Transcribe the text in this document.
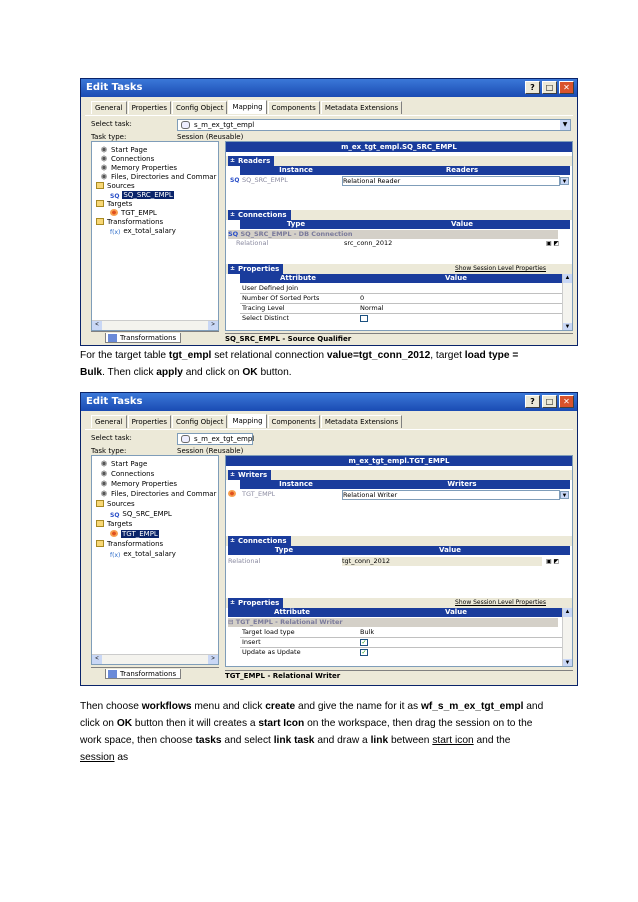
Edit Tasks	?	□	✕
General	Properties	Config Object	Mapping	Components	Metadata Extensions
Select task:	s_m_ex_tgt_empl	▼
Task type:	Session (Reusable)
Start Page
Connections
Memory Properties
Files, Directories and Commar
Sources
SQ SQ_SRC_EMPL
Targets
TGT_EMPL
Transformations
f(x) ex_total_salary
<	>
Transformations
m_ex_tgt_empl.SQ_SRC_EMPL
± Readers
Instance	Readers
SQ SQ_SRC_EMPL	Relational Reader	▼
± Connections
Type	Value
SQ SQ_SRC_EMPL - DB Connection
Relational	src_conn_2012	▣ ◩
± Properties	Show Session Level Properties
Attribute	Value
User Defined Join
Number Of Sorted Ports	0
Tracing Level	Normal
Select Distinct
▲
▼
SQ_SRC_EMPL - Source Qualifier
For the target table tgt_empl set relational connection value=tgt_conn_2012, target load type =
Bulk. Then click apply and click on OK button.
Edit Tasks	?	□	✕
General	Properties	Config Object	Mapping	Components	Metadata Extensions
Select task:	s_m_ex_tgt_empl
Task type:	Session (Reusable)
Start Page
Connections
Memory Properties
Files, Directories and Commar
Sources
SQ SQ_SRC_EMPL
Targets
TGT_EMPL
Transformations
f(x) ex_total_salary
<	>
Transformations
m_ex_tgt_empl.TGT_EMPL
± Writers
Instance	Writers
TGT_EMPL	Relational Writer	▼
± Connections
Type	Value
Relational	tgt_conn_2012	▣ ◩
± Properties	Show Session Level Properties
Attribute	Value
⊟ TGT_EMPL - Relational Writer
Target load type	Bulk
Insert	✓
Update as Update	✓
▲
▼
TGT_EMPL - Relational Writer
Then choose workflows menu and click create and give the name for it as wf_s_m_ex_tgt_empl and
click on OK button then it will creates a start Icon on the workspace, then drag the session on to the
work space, then choose tasks and select link task and draw a link between start icon and the
session as
